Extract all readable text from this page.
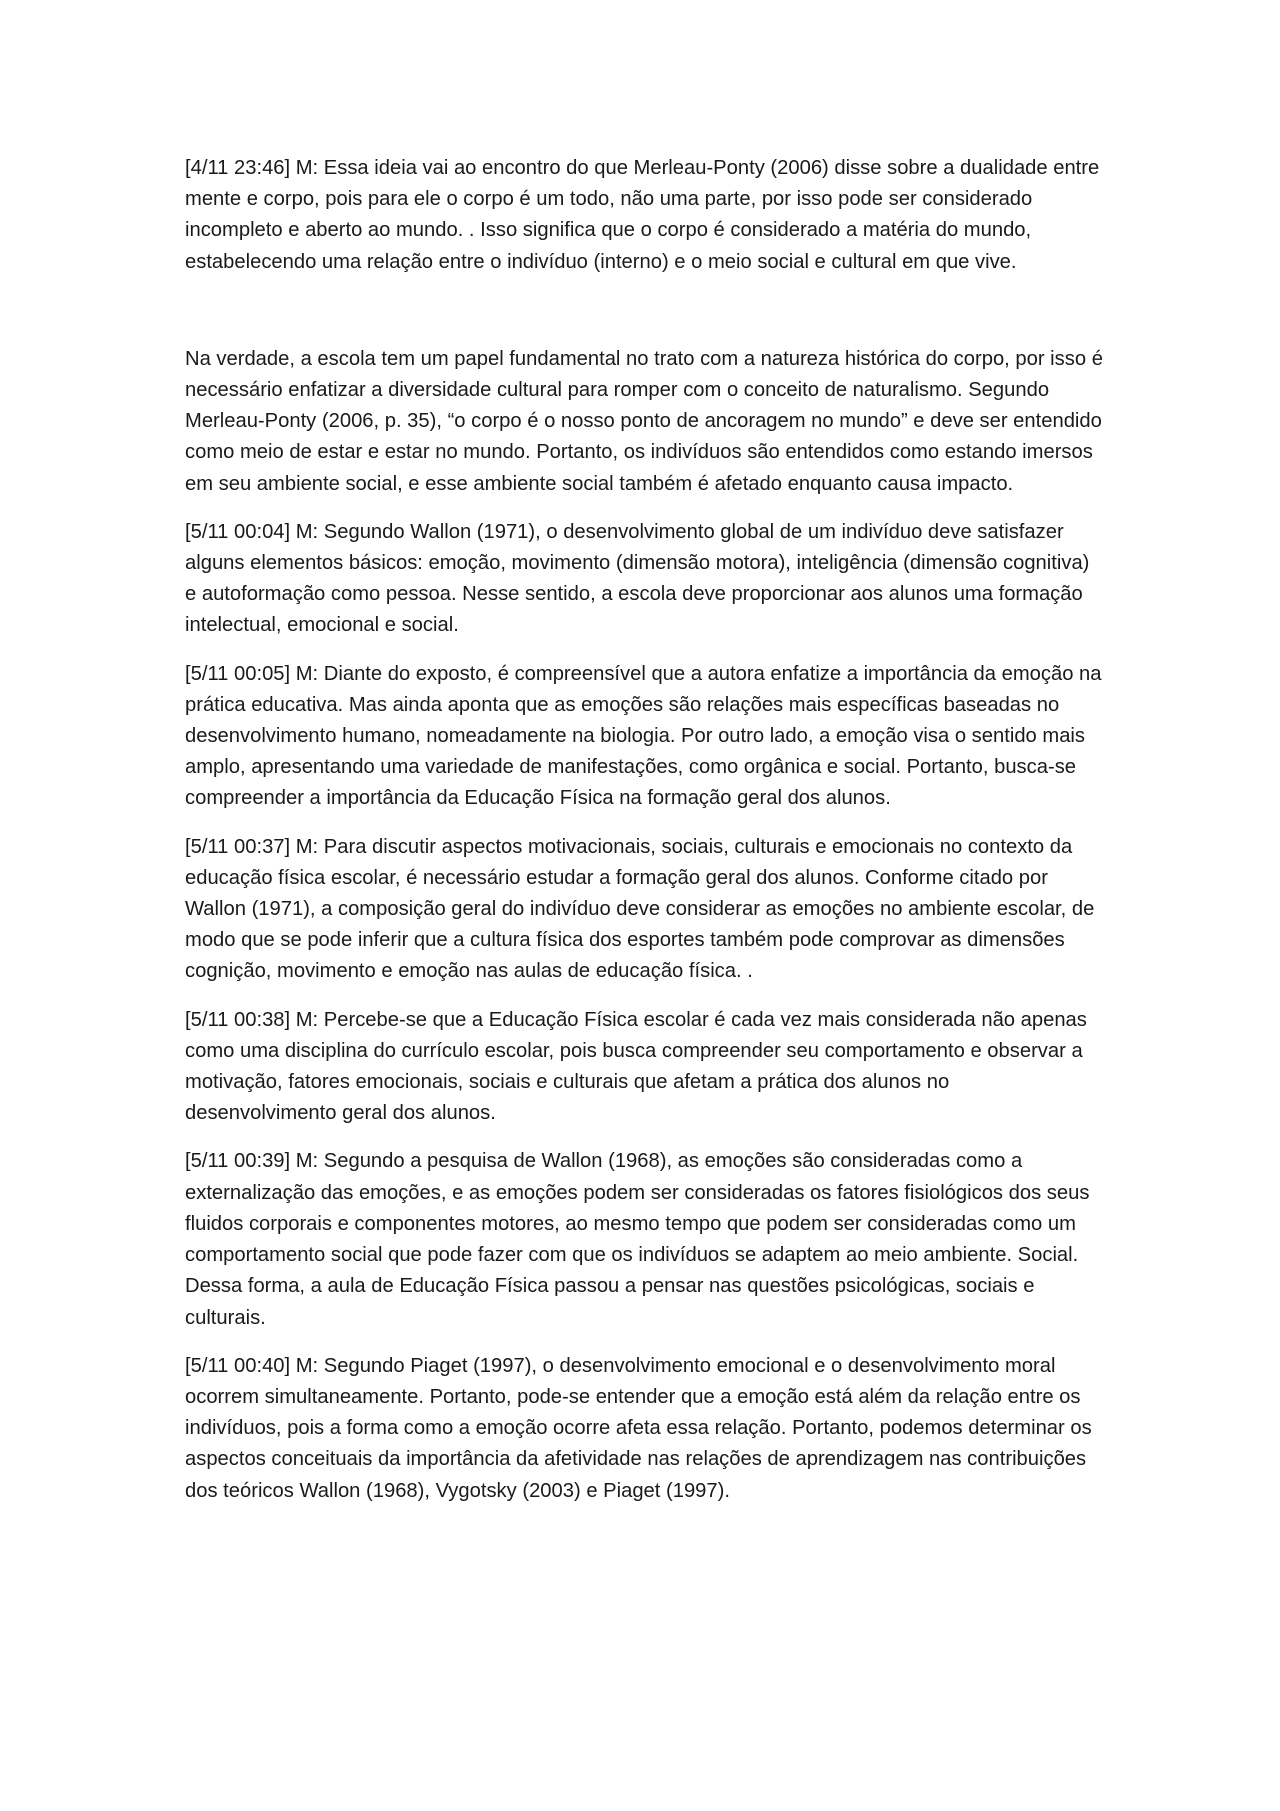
[4/11 23:46] M: Essa ideia vai ao encontro do que Merleau-Ponty (2006) disse sobre a dualidade entre mente e corpo, pois para ele o corpo é um todo, não uma parte, por isso pode ser considerado incompleto e aberto ao mundo. . Isso significa que o corpo é considerado a matéria do mundo, estabelecendo uma relação entre o indivíduo (interno) e o meio social e cultural em que vive.

Na verdade, a escola tem um papel fundamental no trato com a natureza histórica do corpo, por isso é necessário enfatizar a diversidade cultural para romper com o conceito de naturalismo. Segundo Merleau-Ponty (2006, p. 35), “o corpo é o nosso ponto de ancoragem no mundo” e deve ser entendido como meio de estar e estar no mundo. Portanto, os indivíduos são entendidos como estando imersos em seu ambiente social, e esse ambiente social também é afetado enquanto causa impacto.

[5/11 00:04] M: Segundo Wallon (1971), o desenvolvimento global de um indivíduo deve satisfazer alguns elementos básicos: emoção, movimento (dimensão motora), inteligência (dimensão cognitiva) e autoformação como pessoa. Nesse sentido, a escola deve proporcionar aos alunos uma formação intelectual, emocional e social.

[5/11 00:05] M: Diante do exposto, é compreensível que a autora enfatize a importância da emoção na prática educativa. Mas ainda aponta que as emoções são relações mais específicas baseadas no desenvolvimento humano, nomeadamente na biologia. Por outro lado, a emoção visa o sentido mais amplo, apresentando uma variedade de manifestações, como orgânica e social. Portanto, busca-se compreender a importância da Educação Física na formação geral dos alunos.

[5/11 00:37] M: Para discutir aspectos motivacionais, sociais, culturais e emocionais no contexto da educação física escolar, é necessário estudar a formação geral dos alunos. Conforme citado por Wallon (1971), a composição geral do indivíduo deve considerar as emoções no ambiente escolar, de modo que se pode inferir que a cultura física dos esportes também pode comprovar as dimensões cognição, movimento e emoção nas aulas de educação física. .

[5/11 00:38] M: Percebe-se que a Educação Física escolar é cada vez mais considerada não apenas como uma disciplina do currículo escolar, pois busca compreender seu comportamento e observar a motivação, fatores emocionais, sociais e culturais que afetam a prática dos alunos no desenvolvimento geral dos alunos.

[5/11 00:39] M: Segundo a pesquisa de Wallon (1968), as emoções são consideradas como a externalização das emoções, e as emoções podem ser consideradas os fatores fisiológicos dos seus fluidos corporais e componentes motores, ao mesmo tempo que podem ser consideradas como um comportamento social que pode fazer com que os indivíduos se adaptem ao meio ambiente. Social. Dessa forma, a aula de Educação Física passou a pensar nas questões psicológicas, sociais e culturais.

[5/11 00:40] M: Segundo Piaget (1997), o desenvolvimento emocional e o desenvolvimento moral ocorrem simultaneamente. Portanto, pode-se entender que a emoção está além da relação entre os indivíduos, pois a forma como a emoção ocorre afeta essa relação. Portanto, podemos determinar os aspectos conceituais da importância da afetividade nas relações de aprendizagem nas contribuições dos teóricos Wallon (1968), Vygotsky (2003) e Piaget (1997).
